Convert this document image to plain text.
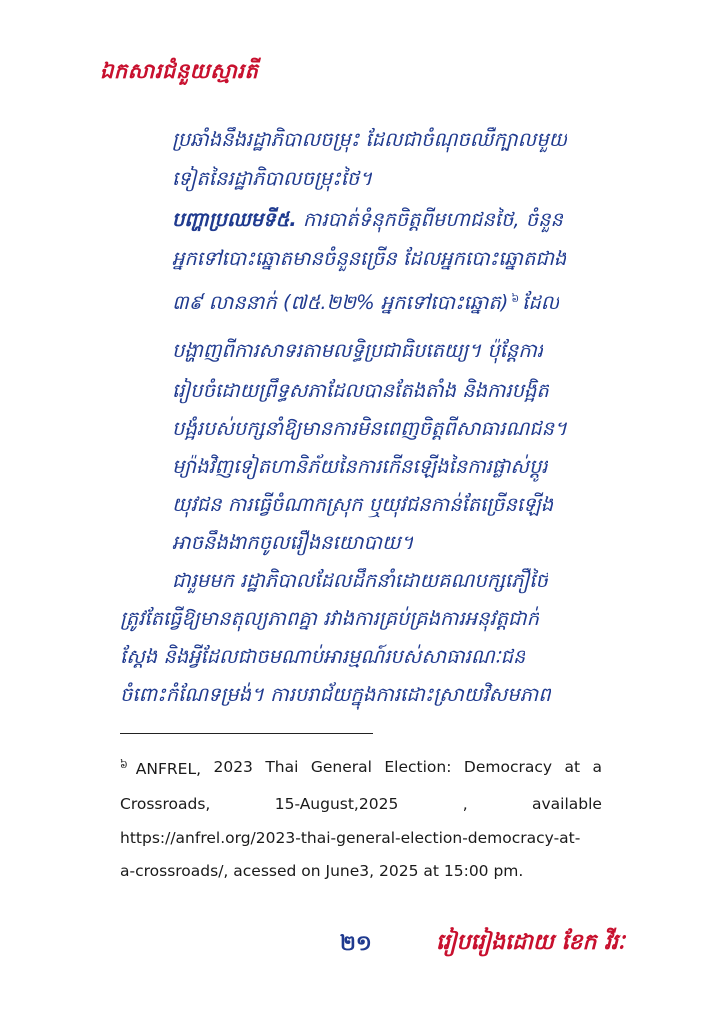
ឯកសារជំនួយស្មារតី
ប្រឆាំងនឹងរដ្ឋាភិបាលចម្រុះ ដែលជាចំណុចឈឺក្បាលមួយ
ទៀតនៃរដ្ឋាភិបាលចម្រុះថៃ។
បញ្ហាប្រឈមទី៥. ការបាត់ទំនុកចិត្តពីមហាជនថៃ, ចំនួន
អ្នកទៅបោះឆ្នោតមានចំនួនច្រើន ដែលអ្នកបោះឆ្នោតជាង
៣៩ លាននាក់ (៧៥.២២% អ្នកទៅបោះឆ្នោត) $^៦$ ដែល
បង្ហាញពីការសាទរតាមលទ្ធិប្រជាធិបតេយ្យ។ ប៉ុន្តែការ
រៀបចំដោយព្រឹទ្ធសភាដែលបានតែងតាំង និងការបង្អិត
បង្អំរបស់បក្សនាំឱ្យមានការមិនពេញចិត្តពីសាធារណជន។
ម្យ៉ាងវិញទៀតហានិភ័យនៃការកើនឡើងនៃការផ្លាស់ប្តូរ
យុវជន ការធ្វើចំណាកស្រុក ឬយុវជនកាន់តែច្រើនឡើង
អាចនឹងងាកចូលរឿងនយោបាយ។
ជារួមមក រដ្ឋាភិបាលដែលដឹកនាំដោយគណបក្សភឿថៃ
ត្រូវតែធ្វើឱ្យមានតុល្យភាពគ្នា រវាងការគ្រប់គ្រងការអនុវត្តជាក់
ស្តែង និងអ្វីដែលជាចមណាប់អារម្មណ៍របស់សាធារណៈជន
ចំពោះកំណែទម្រង់។ ការបរាជ័យក្នុងការដោះស្រាយវិសមភាព
$^៦$ ANFREL, 2023 Thai General Election: Democracy at a
Crossroads,	15-August,2025	,	available
https://anfrel.org/2023-thai-general-election-democracy-at-
a-crossroads/, acessed on June3, 2025 at 15:00 pm.
២១	រៀបរៀងដោយ ខែក វីរៈ
